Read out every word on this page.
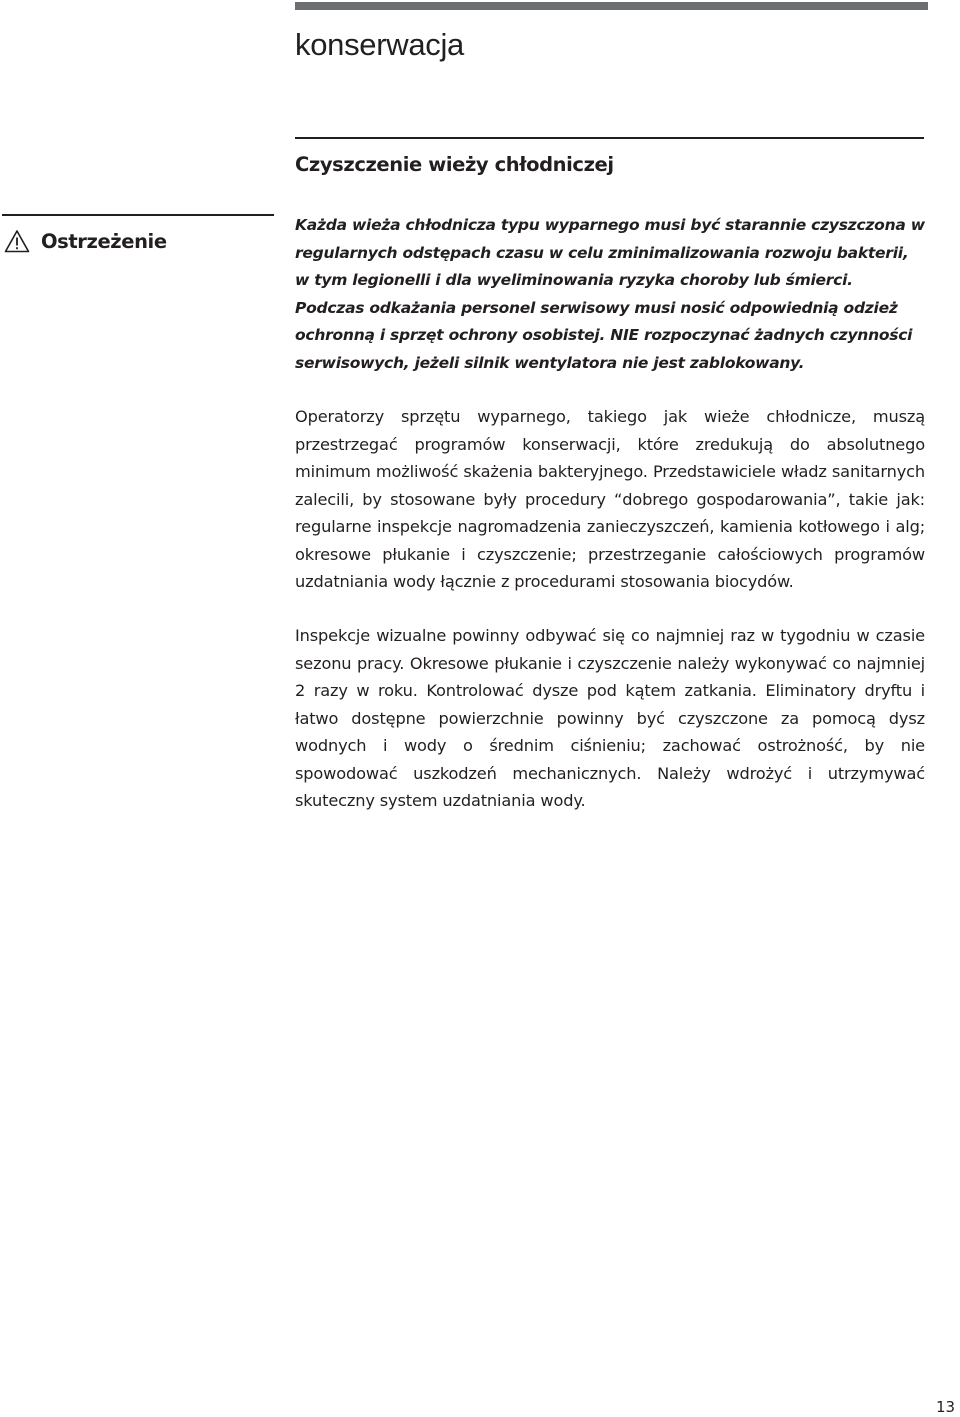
konserwacja
Czyszczenie wieży chłodniczej
Ostrzeżenie

Każda wieża chłodnicza typu wyparnego musi być starannie czyszczona w regularnych odstępach czasu w celu zminimalizowania rozwoju bakterii, w tym legionelli i dla wyeliminowania ryzyka choroby lub śmierci. Podczas odkażania personel serwisowy musi nosić odpowiednią odzież ochronną i sprzęt ochrony osobistej. NIE rozpoczynać żadnych czynności serwisowych, jeżeli silnik wentylatora nie jest zablokowany.

Operatorzy sprzętu wyparnego, takiego jak wieże chłodnicze, muszą przestrzegać programów konserwacji, które zredukują do absolutnego minimum możliwość skażenia bakteryjnego. Przedstawiciele władz sanitarnych zalecili, by stosowane były procedury “dobrego gospodarowania”, takie jak: regularne inspekcje nagromadzenia zanieczyszczeń, kamienia kotłowego i alg; okresowe płukanie i czyszczenie; przestrzeganie całościowych programów uzdatniania wody łącznie z procedurami stosowania biocydów.

Inspekcje wizualne powinny odbywać się co najmniej raz w tygodniu w czasie sezonu pracy. Okresowe płukanie i czyszczenie należy wykonywać co najmniej 2 razy w roku. Kontrolować dysze pod kątem zatkania. Eliminatory dryftu i łatwo dostępne powierzchnie powinny być czyszczone za pomocą dysz wodnych i wody o średnim ciśnieniu; zachować ostrożność, by nie spowodować uszkodzeń mechanicznych. Należy wdrożyć i utrzymywać skuteczny system uzdatniania wody.

13
